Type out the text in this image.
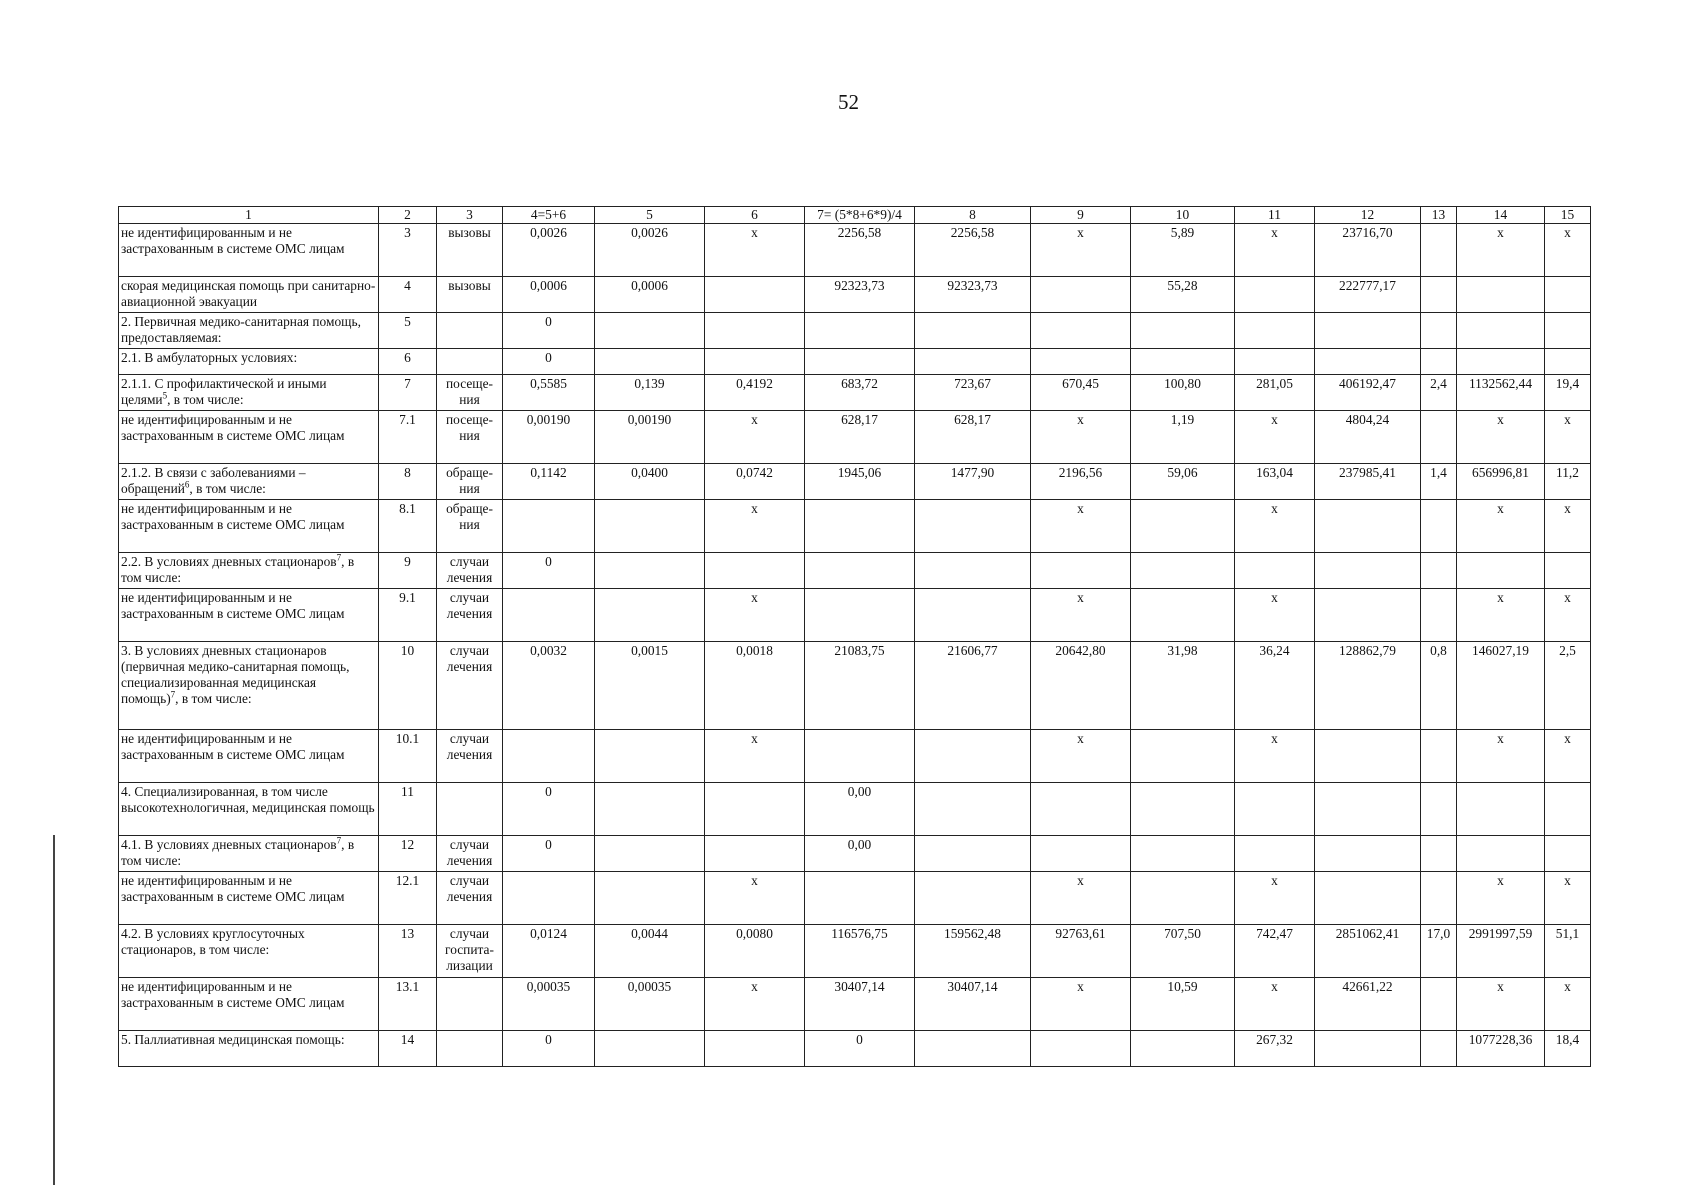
52
1	2	3	4=5+6	5	6	7= (5*8+6*9)/4	8	9	10	11	12	13	14	15
не идентифицированным и не застрахованным в системе ОМС лицам	3	вызовы	0,0026	0,0026	х	2256,58	2256,58	х	5,89	х	23716,70		х	х
скорая медицинская помощь при санитарно-авиационной эвакуации	4	вызовы	0,0006	0,0006		92323,73	92323,73		55,28		222777,17			
2. Первичная медико-санитарная помощь, предоставляемая:	5		0											
2.1. В амбулаторных условиях:	6		0											
2.1.1. С профилактической и иными целями$^5$, в том числе:	7	посеще-ния	0,5585	0,139	0,4192	683,72	723,67	670,45	100,80	281,05	406192,47	2,4	1132562,44	19,4
не идентифицированным и не застрахованным в системе ОМС лицам	7.1	посеще-ния	0,00190	0,00190	х	628,17	628,17	х	1,19	х	4804,24		х	х
2.1.2. В связи с заболеваниями – обращений$^6$, в том числе:	8	обраще-ния	0,1142	0,0400	0,0742	1945,06	1477,90	2196,56	59,06	163,04	237985,41	1,4	656996,81	11,2
не идентифицированным и не застрахованным в системе ОМС лицам	8.1	обраще-ния			х			х		х			х	х
2.2. В условиях дневных стационаров$^7$, в том числе:	9	случаи лечения	0											
не идентифицированным и не застрахованным в системе ОМС лицам	9.1	случаи лечения			х			х		х			х	х
3. В условиях дневных стационаров (первичная медико-санитарная помощь, специализированная медицинская помощь)$^7$, в том числе:	10	случаи лечения	0,0032	0,0015	0,0018	21083,75	21606,77	20642,80	31,98	36,24	128862,79	0,8	146027,19	2,5
не идентифицированным и не застрахованным в системе ОМС лицам	10.1	случаи лечения			х			х		х			х	х
4. Специализированная, в том числе высокотехнологичная, медицинская помощь	11		0			0,00								
4.1. В условиях дневных стационаров$^7$, в том числе:	12	случаи лечения	0			0,00								
не идентифицированным и не застрахованным в системе ОМС лицам	12.1	случаи лечения			х			х		х			х	х
4.2. В условиях круглосуточных стационаров, в том числе:	13	случаи госпита-лизации	0,0124	0,0044	0,0080	116576,75	159562,48	92763,61	707,50	742,47	2851062,41	17,0	2991997,59	51,1
не идентифицированным и не застрахованным в системе ОМС лицам	13.1		0,00035	0,00035	х	30407,14	30407,14	х	10,59	х	42661,22		х	х
5. Паллиативная медицинская помощь:	14		0			0				267,32			1077228,36	18,4
